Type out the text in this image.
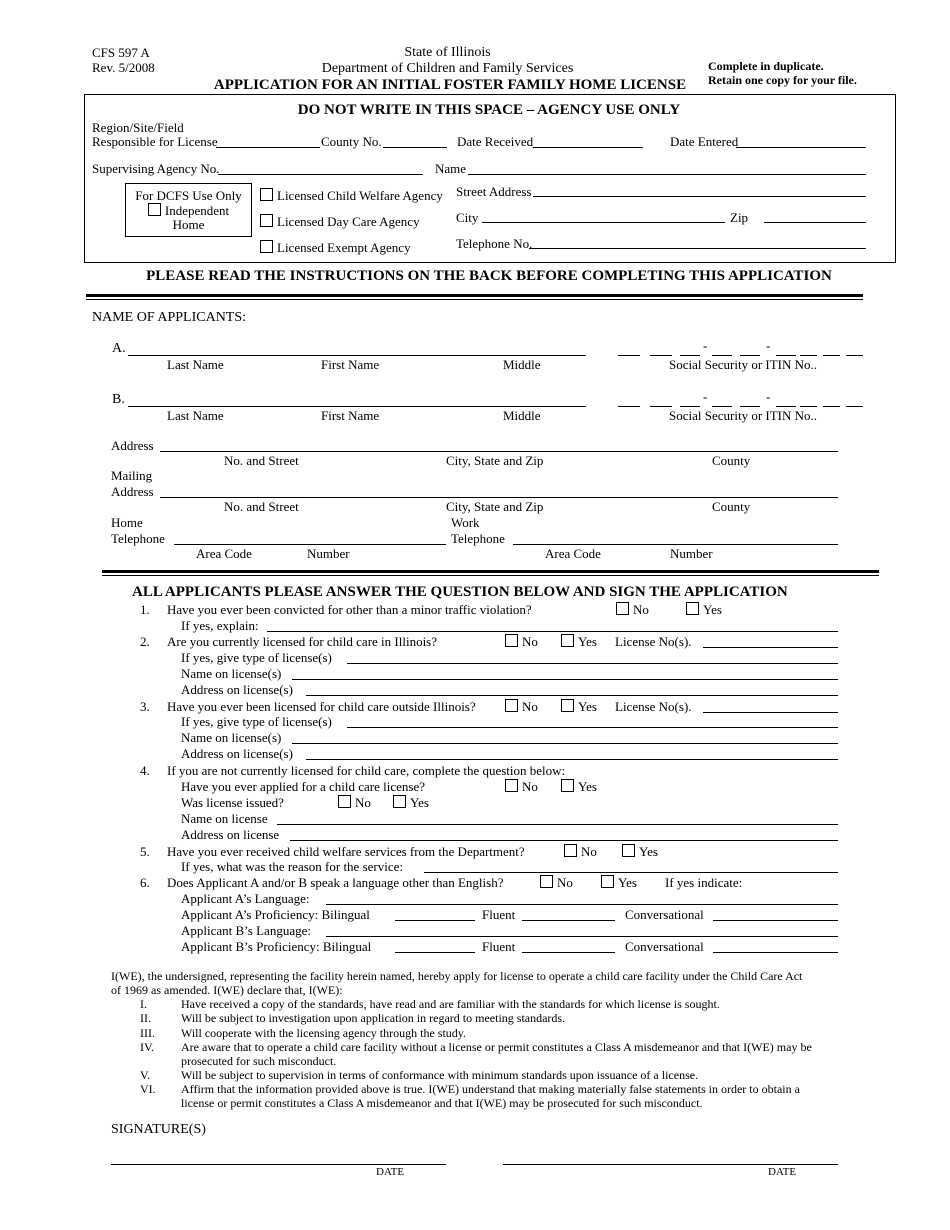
CFS 597 A
Rev. 5/2008
State of Illinois
Department of Children and Family Services
APPLICATION FOR AN INITIAL FOSTER FAMILY HOME LICENSE
Complete in duplicate.
Retain one copy for your file.
DO NOT WRITE IN THIS SPACE – AGENCY USE ONLY
Region/Site/Field
Responsible for License	County No.	Date Received	Date Entered
Supervising Agency No.	Name
For DCFS Use Only
Independent
Home
Licensed Child Welfare Agency
Licensed Day Care Agency
Licensed Exempt Agency
Street Address
City	Zip
Telephone No.
PLEASE READ THE INSTRUCTIONS ON THE BACK BEFORE COMPLETING THIS APPLICATION
NAME OF APPLICANTS:
A.
Last Name	First Name	Middle
-	-
Social Security or ITIN No..
B.
Last Name	First Name	Middle
-	-
Social Security or ITIN No..
Address
No. and Street	City, State and Zip	County
Mailing
Address
No. and Street	City, State and Zip	County
Home
Telephone
Work
Telephone
Area Code	Number	Area Code	Number
ALL APPLICANTS PLEASE ANSWER THE QUESTION BELOW AND SIGN THE APPLICATION
1. Have you ever been convicted for other than a minor traffic violation?	No	Yes
If yes, explain:
2. Are you currently licensed for child care in Illinois?	No	Yes License No(s).
If yes, give type of license(s)
Name on license(s)
Address on license(s)
3. Have you ever been licensed for child care outside Illinois?	No	Yes License No(s).
If yes, give type of license(s)
Name on license(s)
Address on license(s)
4. If you are not currently licensed for child care, complete the question below:
Have you ever applied for a child care license?	No	Yes
Was license issued?	No	Yes
Name on license
Address on license
5. Have you ever received child welfare services from the Department?	No	Yes
If yes, what was the reason for the service:
6. Does Applicant A and/or B speak a language other than English?	No	Yes If yes indicate:
Applicant A’s Language:
Applicant A’s Proficiency: Bilingual	Fluent	Conversational
Applicant B’s Language:
Applicant B’s Proficiency: Bilingual	Fluent	Conversational
I(WE), the undersigned, representing the facility herein named, hereby apply for license to operate a child care facility under the Child Care Act
of 1969 as amended. I(WE) declare that, I(WE):
I.	Have received a copy of the standards, have read and are familiar with the standards for which license is sought.
II.	Will be subject to investigation upon application in regard to meeting standards.
III. Will cooperate with the licensing agency through the study.
IV. Are aware that to operate a child care facility without a license or permit constitutes a Class A misdemeanor and that I(WE) may be
prosecuted for such misconduct.
V.	Will be subject to supervision in terms of conformance with minimum standards upon issuance of a license.
VI. Affirm that the information provided above is true. I(WE) understand that making materially false statements in order to obtain a
license or permit constitutes a Class A misdemeanor and that I(WE) may be prosecuted for such misconduct.
SIGNATURE(S)
DATE	DATE
